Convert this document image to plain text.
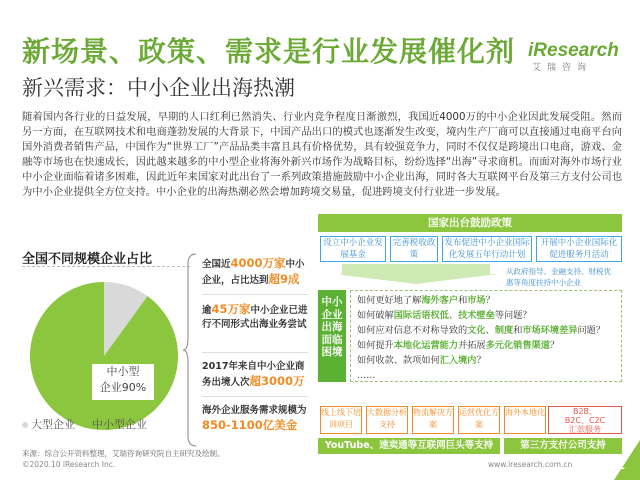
新场景、政策、需求是行业发展催化剂
新兴需求：中小企业出海热潮
iResearch
艾瑞咨询
随着国内各行业的日益发展，早期的人口红利已然消失、行业内竞争程度日渐激烈，我国近4000万的中小企业因此发展受阻。然而另一方面，在互联网技术和电商蓬勃发展的大背景下，中国产品出口的模式也逐渐发生改变，境内生产厂商可以直接通过电商平台向国外消费者销售产品，中国作为“世界工厂”产品品类丰富且具有价格优势，具有较强竞争力，同时不仅仅是跨境出口电商，游戏、金融等市场也在快速成长，因此越来越多的中小型企业将海外新兴市场作为战略目标，纷纷选择“出海”寻求商机。而面对海外市场行业中小企业面临着诸多困难，因此近年来国家对此出台了一系列政策措施鼓励中小企业出海，同时各大互联网平台及第三方支付公司也为中小企业提供全方位支持。中小企业的出海热潮必然会增加跨境交易量，促进跨境支付行业进一步发展。
全国不同规模企业占比
中小型
企业90%
大型企业	中小型企业
全国近4000万家中小企业，占比达到超9成
逾45万家中小企业已进行不同形式出海业务尝试
2017年来自中小企业商务出境人次超3000万
海外企业服务需求规模为850-1100亿美金
国家出台鼓励政策
设立中小企业发展基金
完善税收政策
发布促进中小企业国际化发展五年行动计划
开展中小企业国际化促进服务月活动
从政府指导、金融支持、财税优惠等角度扶持中小企业
中小企业出海面临困境
如何更好地了解海外客户和市场？
如何破解国际话语权低、技术壁垒等问题？
如何应对信息不对称导致的文化、制度和市场环境差异问题？
如何提升本地化运营能力并拓展多元化销售渠道？
如何收款、款项如何汇入境内？
……
线上线下培训项目
大数据分析支持
物流解决方案
运营优化方案
海外本地化	B2B、
B2C、C2C
汇款服务
YouTube、速卖通等互联网巨头等支持	第三方支付公司支持
来源：综合公开资料整理，艾瑞咨询研究院自主研究及绘制。
©2020.10 iResearch Inc.	www.iresearch.com.cn	12
